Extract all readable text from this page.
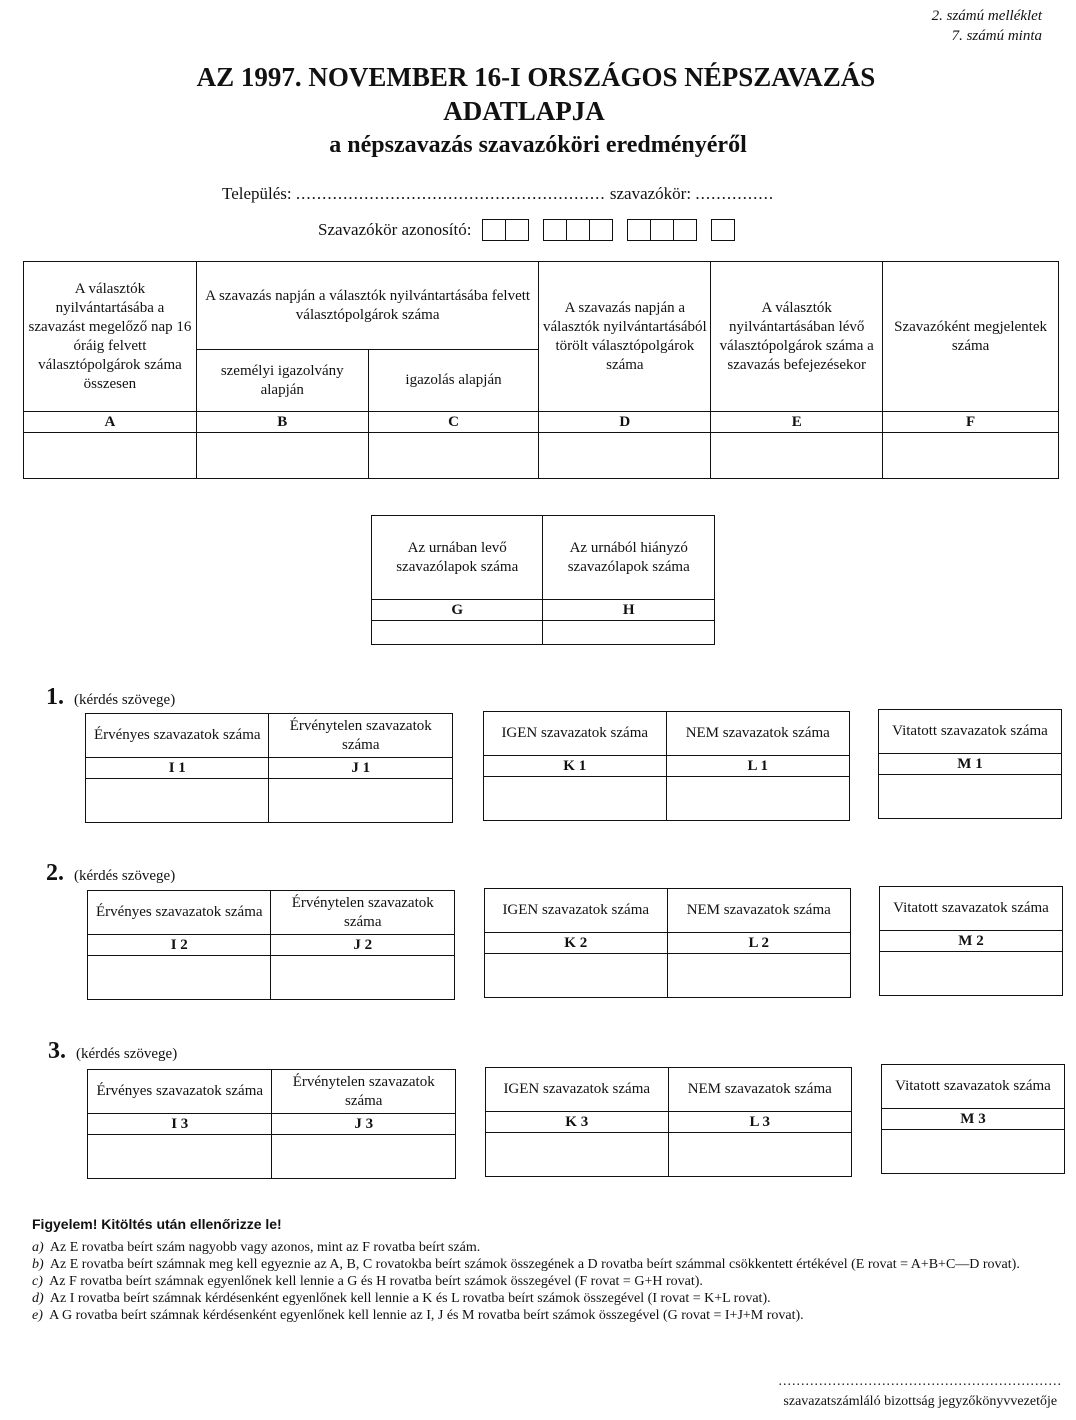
2. számú melléklet
7. számú minta
AZ 1997. NOVEMBER 16-I ORSZÁGOS NÉPSZAVAZÁS
ADATLAPJA
a népszavazás szavazóköri eredményéről
Település: ........................................................... szavazókör: ...............
Szavazókör azonosító:
A választók nyilvántartásába a szavazást megelőző nap 16 óráig felvett választópolgárok száma összesen	A szavazás napján a választók nyilvántartásába felvett választópolgárok száma		A szavazás napján a választók nyilvántartásából törölt választópolgárok száma	A választók nyilvántartásában lévő választópolgárok száma a szavazás befejezésekor	Szavazóként megjelentek száma
	személyi igazolvány alapján	igazolás alapján			
A	B	C	D	E	F

Az urnában levő szavazólapok száma	Az urnából hiányzó szavazólapok száma
G	H

1. (kérdés szövege)
Érvényes szavazatok száma	Érvénytelen szavazatok száma
I 1	J 1

IGEN szavazatok száma	NEM szavazatok száma
K 1	L 1

Vitatott szavazatok száma
M 1

2. (kérdés szövege)
Érvényes szavazatok száma	Érvénytelen szavazatok száma
I 2	J 2

IGEN szavazatok száma	NEM szavazatok száma
K 2	L 2

Vitatott szavazatok száma
M 2

3. (kérdés szövege)
Érvényes szavazatok száma	Érvénytelen szavazatok száma
I 3	J 3

IGEN szavazatok száma	NEM szavazatok száma
K 3	L 3

Vitatott szavazatok száma
M 3

Figyelem! Kitöltés után ellenőrizze le!

a) Az E rovatba beírt szám nagyobb vagy azonos, mint az F rovatba beírt szám.

b) Az E rovatba beírt számnak meg kell egyeznie az A, B, C rovatokba beírt számok összegének a D rovatba beírt számmal csökkentett értékével (E rovat = A+B+C—D rovat).

c) Az F rovatba beírt számnak egyenlőnek kell lennie a G és H rovatba beírt számok összegével (F rovat = G+H rovat).

d) Az I rovatba beírt számnak kérdésenként egyenlőnek kell lennie a K és L rovatba beírt számok összegével (I rovat = K+L rovat).

e) A G rovatba beírt számnak kérdésenként egyenlőnek kell lennie az I, J és M rovatba beírt számok összegével (G rovat = I+J+M rovat).

...............................................................
szavazatszámláló bizottság jegyzőkönyvvezetője
